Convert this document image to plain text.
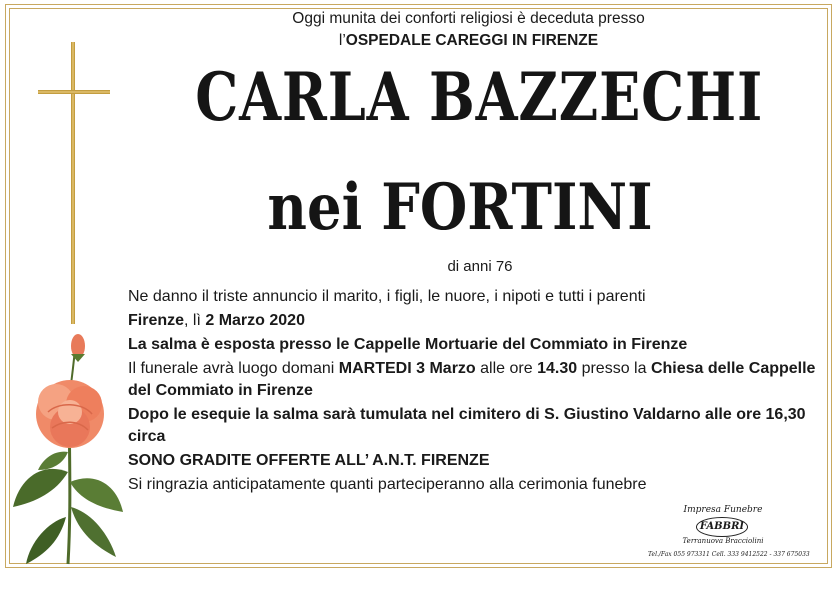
Oggi munita dei conforti religiosi è deceduta presso
l’OSPEDALE CAREGGI IN FIRENZE
CARLA BAZZECHI
nei FORTINI
di anni 76

Ne danno il triste annuncio il marito, i figli, le nuore, i nipoti e tutti i parenti

Firenze, lì 2 Marzo 2020

La salma è esposta presso le Cappelle Mortuarie del Commiato in Firenze

Il funerale avrà luogo domani MARTEDI 3 Marzo alle ore 14.30 presso la Chiesa delle Cappelle del Commiato in Firenze

Dopo le esequie la salma sarà tumulata nel cimitero di S. Giustino Valdarno alle ore 16,30 circa

SONO GRADITE OFFERTE ALL’ A.N.T. FIRENZE

Si ringrazia anticipatamente quanti parteciperanno alla cerimonia funebre

Impresa Funebre
FABBRI
Terranuova Bracciolini
Tel./Fax 055 973311 Cell. 333 9412522 - 337 675033
